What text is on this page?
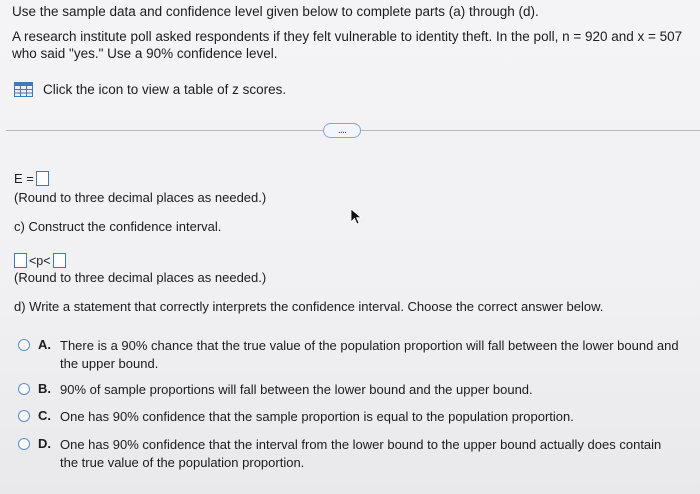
Use the sample data and confidence level given below to complete parts (a) through (d).
A research institute poll asked respondents if they felt vulnerable to identity theft. In the poll, n = 920 and x = 507 who said "yes." Use a 90% confidence level.
Click the icon to view a table of z scores.
....
E =
(Round to three decimal places as needed.)
c) Construct the confidence interval.
<p<
(Round to three decimal places as needed.)
d) Write a statement that correctly interprets the confidence interval. Choose the correct answer below.
A. There is a 90% chance that the true value of the population proportion will fall between the lower bound and the upper bound.
B. 90% of sample proportions will fall between the lower bound and the upper bound.
C. One has 90% confidence that the sample proportion is equal to the population proportion.
D. One has 90% confidence that the interval from the lower bound to the upper bound actually does contain the true value of the population proportion.
